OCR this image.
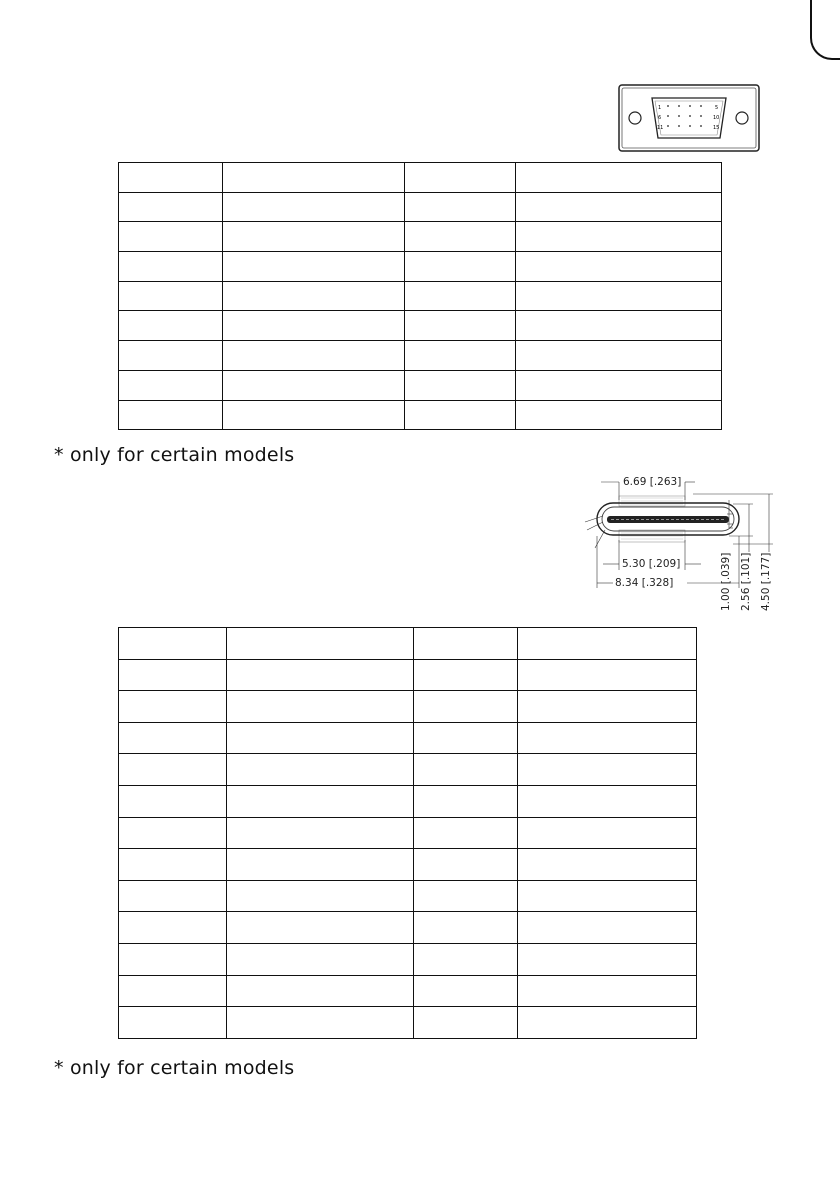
1	5
6	10
11	15

* only for certain models
6.69 [.263]
5.30 [.209]
8.34 [.328]	1.00 [.039] 2.56 [.101] 4.50 [.177]

* only for certain models
